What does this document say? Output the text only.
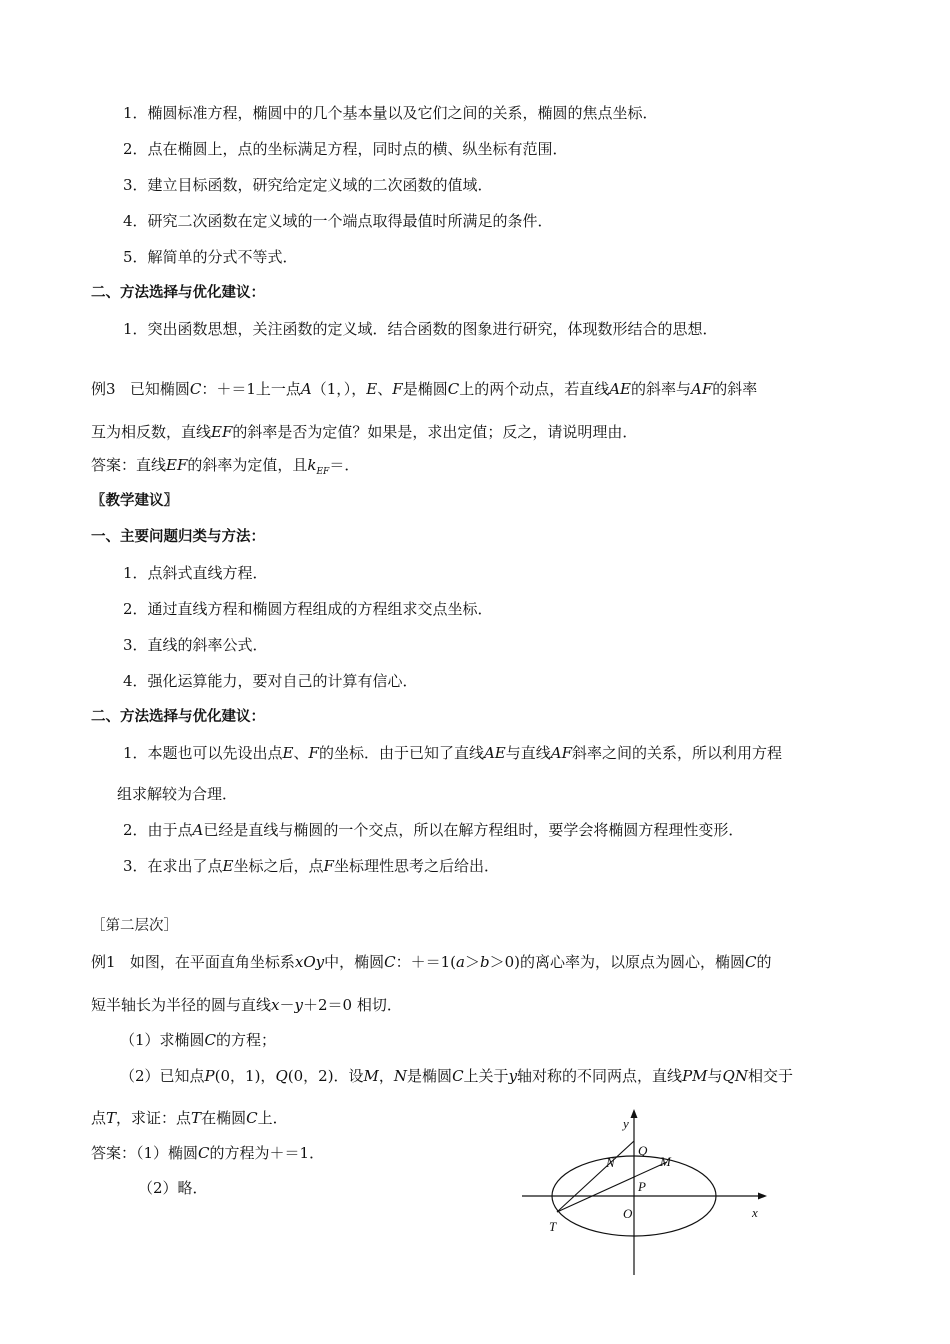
1．椭圆标准方程，椭圆中的几个基本量以及它们之间的关系，椭圆的焦点坐标．
2．点在椭圆上，点的坐标满足方程，同时点的横、纵坐标有范围．
3．建立目标函数，研究给定定义域的二次函数的值域．
4．研究二次函数在定义域的一个端点取得最值时所满足的条件．
5．解简单的分式不等式．
二、方法选择与优化建议：
1．突出函数思想，关注函数的定义域．结合函数的图象进行研究，体现数形结合的思想．
例3 已知椭圆C：＋＝1上一点A（1，），E、F是椭圆C上的两个动点，若直线AE的斜率与AF的斜率
互为相反数，直线EF的斜率是否为定值？如果是，求出定值；反之，请说明理由．
答案：直线EF的斜率为定值，且$k_{EF}=$．
〖教学建议〗
一、主要问题归类与方法：
1．点斜式直线方程．
2．通过直线方程和椭圆方程组成的方程组求交点坐标．
3．直线的斜率公式．
4．强化运算能力，要对自己的计算有信心．
二、方法选择与优化建议：
1．本题也可以先设出点E、F的坐标．由于已知了直线AE与直线AF斜率之间的关系，所以利用方程
组求解较为合理．
2．由于点A已经是直线与椭圆的一个交点，所以在解方程组时，要学会将椭圆方程理性变形．
3．在求出了点E坐标之后，点F坐标理性思考之后给出．
［第二层次］
例1 如图，在平面直角坐标系xOy中，椭圆C：＋＝1(a＞b＞0)的离心率为，以原点为圆心，椭圆C的
短半轴长为半径的圆与直线x－y＋2＝0 相切．
（1）求椭圆C的方程；
（2）已知点P(0，1)，Q(0，2)．设M，N是椭圆C上关于y轴对称的不同两点，直线PM与QN相交于
点T，求证：点T在椭圆C上．
答案：（1）椭圆C的方程为＋＝1．
（2）略．
y
x
Q
N	M
P
O
T
